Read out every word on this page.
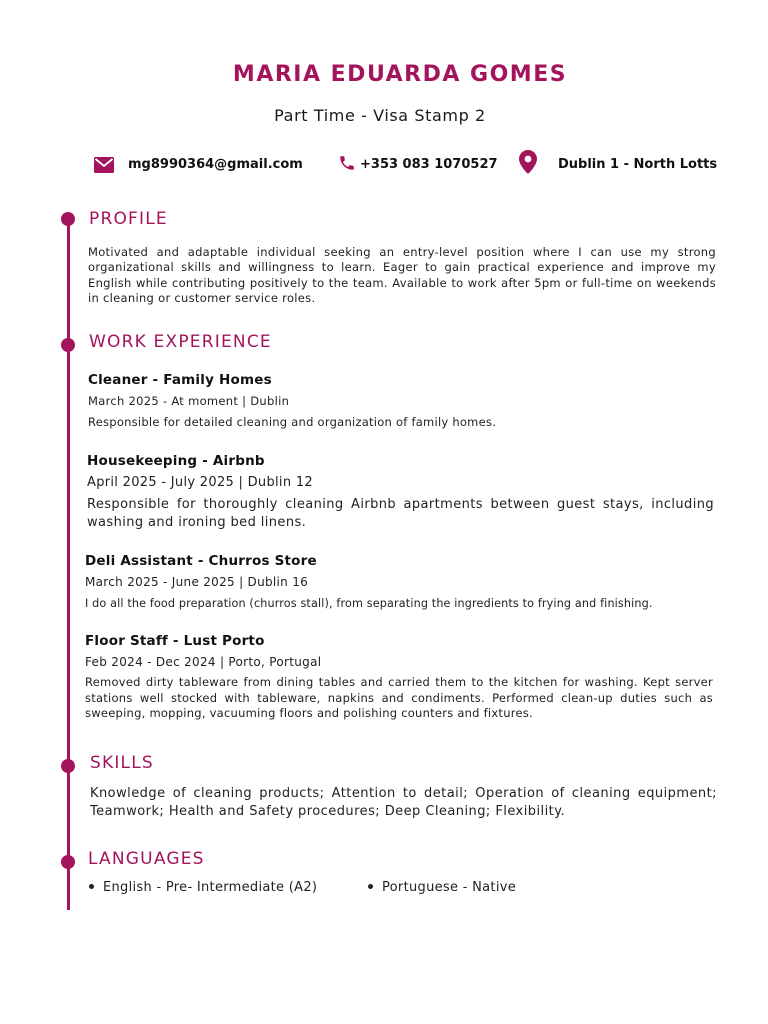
MARIA EDUARDA GOMES
Part Time - Visa Stamp 2
mg8990364@gmail.com	+353 083 1070527	Dublin 1 - North Lotts
PROFILE
Motivated and adaptable individual seeking an entry-level position where I can use my strong organizational skills and willingness to learn. Eager to gain practical experience and improve my English while contributing positively to the team. Available to work after 5pm or full-time on weekends in cleaning or customer service roles.
WORK EXPERIENCE
Cleaner - Family Homes
March 2025 - At moment | Dublin
Responsible for detailed cleaning and organization of family homes.
Housekeeping - Airbnb
April 2025 - July 2025 | Dublin 12
Responsible for thoroughly cleaning Airbnb apartments between guest stays, including washing and ironing bed linens.
Deli Assistant - Churros Store
March 2025 - June 2025 | Dublin 16
I do all the food preparation (churros stall), from separating the ingredients to frying and finishing.
Floor Staff - Lust Porto
Feb 2024 - Dec 2024 | Porto, Portugal
Removed dirty tableware from dining tables and carried them to the kitchen for washing. Kept server stations well stocked with tableware, napkins and condiments. Performed clean-up duties such as sweeping, mopping, vacuuming floors and polishing counters and fixtures.
SKILLS
Knowledge of cleaning products; Attention to detail; Operation of cleaning equipment; Teamwork; Health and Safety procedures; Deep Cleaning; Flexibility.
LANGUAGES
English - Pre- Intermediate (A2)	Portuguese - Native
